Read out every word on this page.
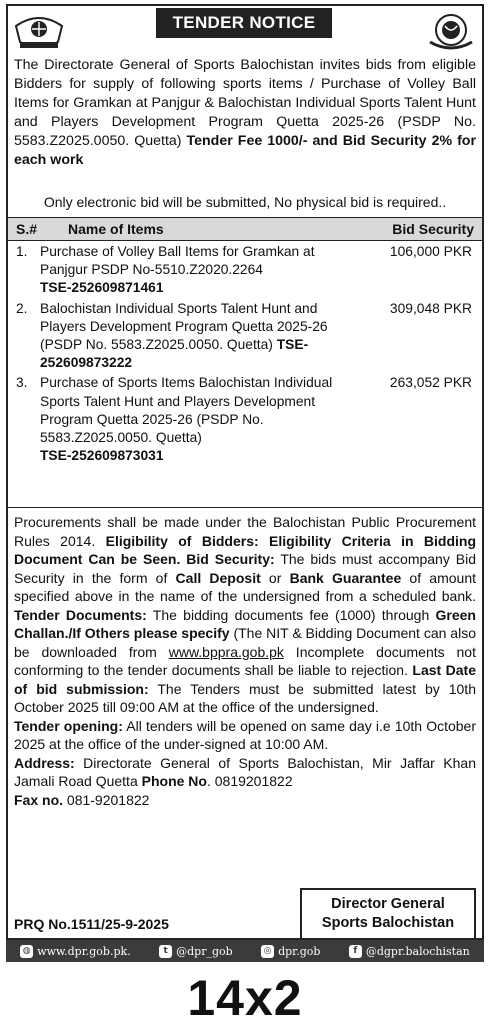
TENDER NOTICE

The Directorate General of Sports Balochistan invites bids from eligible Bidders for supply of following sports items / Purchase of Volley Ball Items for Gramkan at Panjgur & Balochistan Individual Sports Talent Hunt and Players Development Program Quetta 2025-26 (PSDP No. 5583.Z2025.0050. Quetta) Tender Fee 1000/- and Bid Security 2% for each work

Only electronic bid will be submitted, No physical bid is required..
S.# Name of Items	Bid Security
1. Purchase of Volley Ball Items for Gramkan at Panjgur PSDP No-5510.Z2020.2264
TSE-252609871461
106,000 PKR
2. Balochistan Individual Sports Talent Hunt and Players Development Program Quetta 2025-26 (PSDP No. 5583.Z2025.0050. Quetta) TSE-252609873222
309,048 PKR
3. Purchase of Sports Items Balochistan Individual Sports Talent Hunt and Players Development Program Quetta 2025-26 (PSDP No. 5583.Z2025.0050. Quetta)
TSE-252609873031
263,052 PKR

Procurements shall be made under the Balochistan Public Procurement Rules 2014. Eligibility of Bidders: Eligibility Criteria in Bidding Document Can be Seen. Bid Security: The bids must accompany Bid Security in the form of Call Deposit or Bank Guarantee of amount specified above in the name of the undersigned from a scheduled bank. Tender Documents: The bidding documents fee (1000) through Green Challan./If Others please specify (The NIT & Bidding Document can also be downloaded from www.bppra.gob.pk Incomplete documents not conforming to the tender documents shall be liable to rejection. Last Date of bid submission: The Tenders must be submitted latest by 10th October 2025 till 09:00 AM at the office of the undersigned.

Tender opening: All tenders will be opened on same day i.e 10th October 2025 at the office of the under-signed at 10:00 AM.

Address: Directorate General of Sports Balochistan, Mir Jaffar Khan Jamali Road Quetta Phone No. 0819201822

Fax no. 081-9201822

Director General
Sports Balochistan
PRQ No.1511/25-9-2025
◍ www.dpr.gob.pk.	t @dpr_gob	◎ dpr.gob	f @dgpr.balochistan
14x2
